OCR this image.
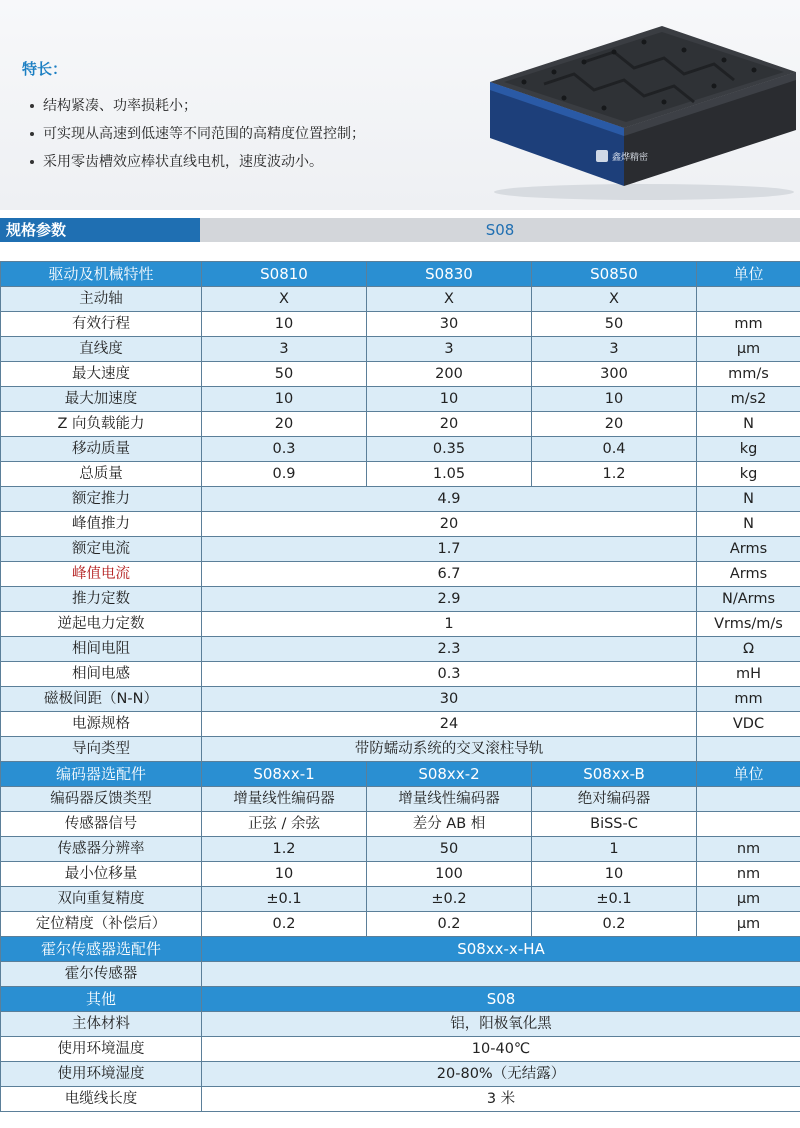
特长：
结构紧凑、功率损耗小；
可实现从高速到低速等不同范围的高精度位置控制；
采用零齿槽效应棒状直线电机，速度波动小。	鑫烨精密
规格参数	S08
驱动及机械特性	S0810	S0830	S0850	单位
主动轴	X	X	X	
有效行程	10	30	50	mm
直线度	3	3	3	μm
最大速度	50	200	300	mm/s
最大加速度	10	10	10	m/s2
Z 向负载能力	20	20	20	N
移动质量	0.3	0.35	0.4	kg
总质量	0.9	1.05	1.2	kg
额定推力	4.9			N
峰值推力	20			N
额定电流	1.7			Arms
峰值电流	6.7			Arms
推力定数	2.9			N/Arms
逆起电力定数	1			Vrms/m/s
相间电阻	2.3			Ω
相间电感	0.3			mH
磁极间距（N-N）	30			mm
电源规格	24			VDC
导向类型	带防蠕动系统的交叉滚柱导轨			
编码器选配件	S08xx-1	S08xx-2	S08xx-B	单位
编码器反馈类型	增量线性编码器	增量线性编码器	绝对编码器	
传感器信号	正弦 / 余弦	差分 AB 相	BiSS-C	
传感器分辨率	1.2	50	1	nm
最小位移量	10	100	10	nm
双向重复精度	±0.1	±0.2	±0.1	μm
定位精度（补偿后）	0.2	0.2	0.2	μm
霍尔传感器选配件	S08xx-x-HA			
霍尔传感器				
其他	S08			
主体材料	铝，阳极氧化黑			
使用环境温度	10-40℃			
使用环境湿度	20-80%（无结露）			
电缆线长度	3 米			
